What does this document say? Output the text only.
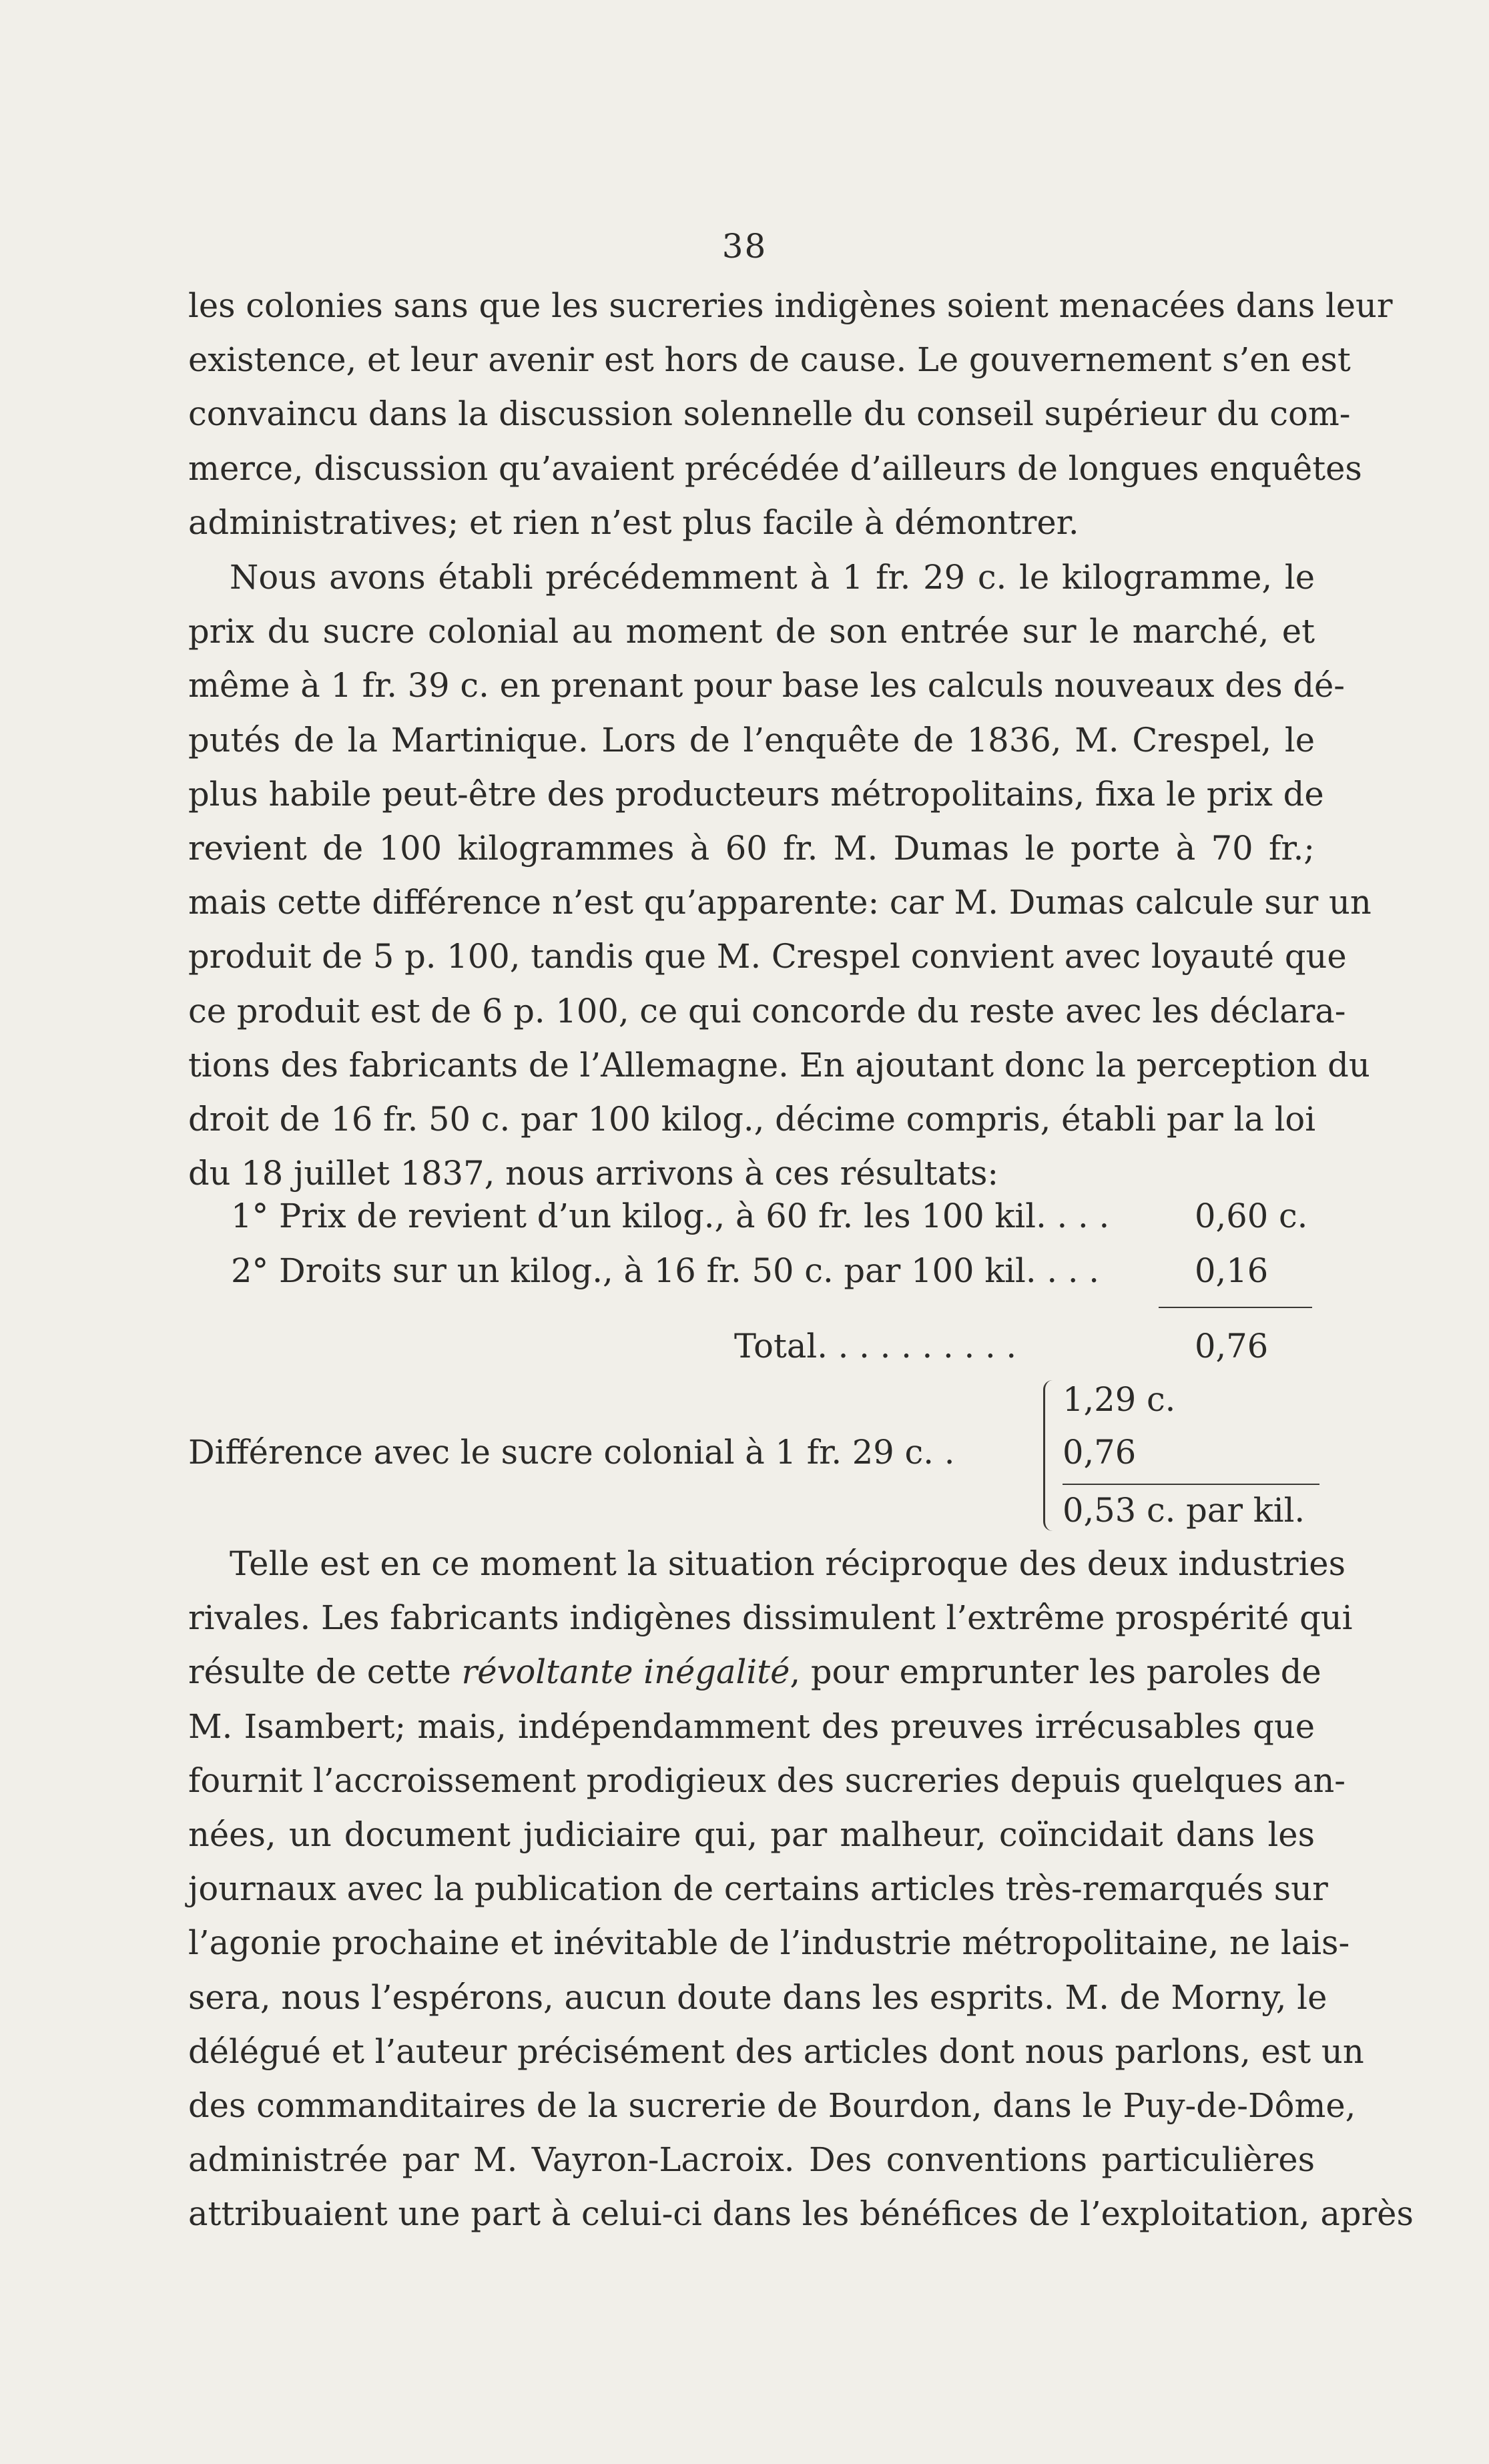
38
les colonies sans que les sucreries indigènes soient menacées dans leur
existence, et leur avenir est hors de cause. Le gouvernement s’en est
convaincu dans la discussion solennelle du conseil supérieur du com-
merce, discussion qu’avaient précédée d’ailleurs de longues enquêtes
administratives; et rien n’est plus facile à démontrer.
Nous avons établi précédemment à 1 fr. 29 c. le kilogramme, le
prix du sucre colonial au moment de son entrée sur le marché, et
même à 1 fr. 39 c. en prenant pour base les calculs nouveaux des dé-
putés de la Martinique. Lors de l’enquête de 1836, M. Crespel, le
plus habile peut-être des producteurs métropolitains, fixa le prix de
revient de 100 kilogrammes à 60 fr. M. Dumas le porte à 70 fr.;
mais cette différence n’est qu’apparente: car M. Dumas calcule sur un
produit de 5 p. 100, tandis que M. Crespel convient avec loyauté que
ce produit est de 6 p. 100, ce qui concorde du reste avec les déclara-
tions des fabricants de l’Allemagne. En ajoutant donc la perception du
droit de 16 fr. 50 c. par 100 kilog., décime compris, établi par la loi
du 18 juillet 1837, nous arrivons à ces résultats:
1° Prix de revient d’un kilog., à 60 fr. les 100 kil. . . .	0,60 c.
2° Droits sur un kilog., à 16 fr. 50 c. par 100 kil. . . .	0,16
Total. . . . . . . . . .	0,76
Différence avec le sucre colonial à 1 fr. 29 c. .
1,29 c.
0,76
0,53 c. par kil.
Telle est en ce moment la situation réciproque des deux industries
rivales. Les fabricants indigènes dissimulent l’extrême prospérité qui
résulte de cette révoltante inégalité, pour emprunter les paroles de
M. Isambert; mais, indépendamment des preuves irrécusables que
fournit l’accroissement prodigieux des sucreries depuis quelques an-
nées, un document judiciaire qui, par malheur, coïncidait dans les
journaux avec la publication de certains articles très-remarqués sur
l’agonie prochaine et inévitable de l’industrie métropolitaine, ne lais-
sera, nous l’espérons, aucun doute dans les esprits. M. de Morny, le
délégué et l’auteur précisément des articles dont nous parlons, est un
des commanditaires de la sucrerie de Bourdon, dans le Puy-de-Dôme,
administrée par M. Vayron-Lacroix. Des conventions particulières
attribuaient une part à celui-ci dans les bénéfices de l’exploitation, après
